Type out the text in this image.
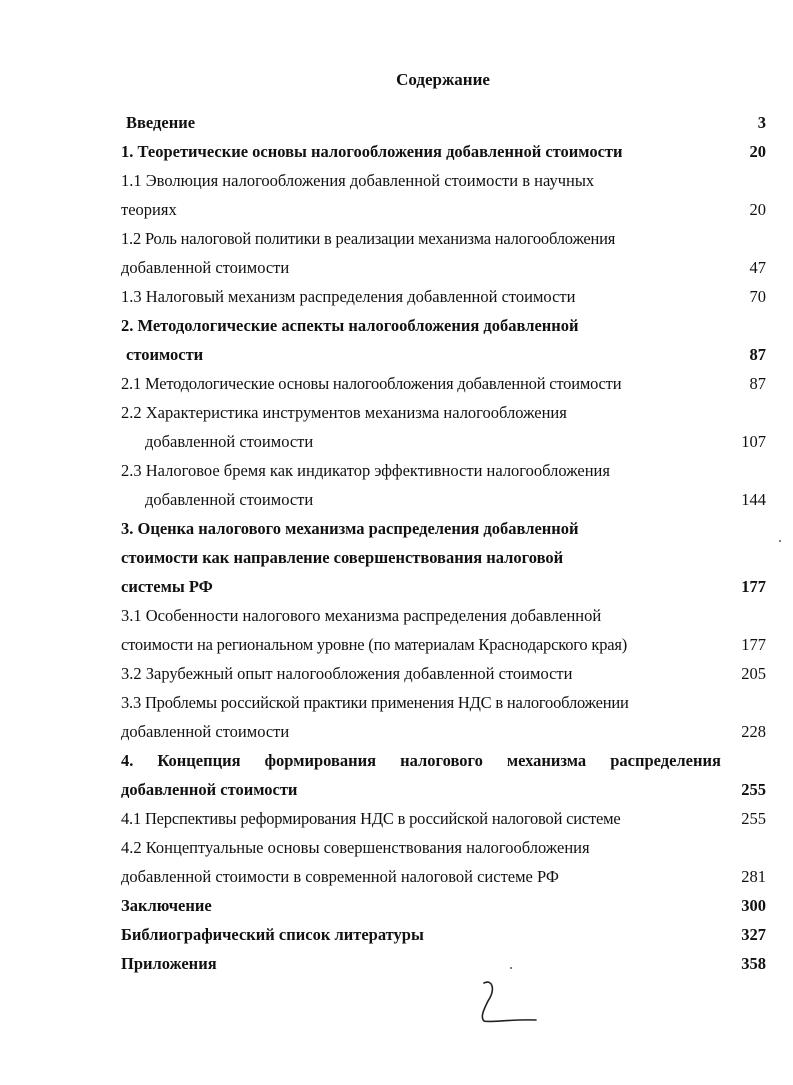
Содержание
Введение	3
1. Теоретические основы налогообложения добавленной стоимости	20
1.1 Эволюция налогообложения добавленной стоимости в научных
теориях	20
1.2 Роль налоговой политики в реализации механизма налогообложения
добавленной стоимости	47
1.3 Налоговый механизм распределения добавленной стоимости	70
2. Методологические аспекты налогообложения добавленной
стоимости	87
2.1 Методологические основы налогообложения добавленной стоимости	87
2.2 Характеристика инструментов механизма налогообложения
добавленной стоимости	107
2.3 Налоговое бремя как индикатор эффективности налогообложения
добавленной стоимости	144
3. Оценка налогового механизма распределения добавленной
стоимости как направление совершенствования налоговой
системы РФ	177
3.1 Особенности налогового механизма распределения добавленной
стоимости на региональном уровне (по материалам Краснодарского края)	177
3.2 Зарубежный опыт налогообложения добавленной стоимости	205
3.3 Проблемы российской практики применения НДС в налогообложении
добавленной стоимости	228
4. Концепция формирования налогового механизма распределения
добавленной стоимости	255
4.1 Перспективы реформирования НДС в российской налоговой системе	255
4.2 Концептуальные основы совершенствования налогообложения
добавленной стоимости в современной налоговой системе РФ	281
Заключение	300
Библиографический список литературы	327
Приложения	358
